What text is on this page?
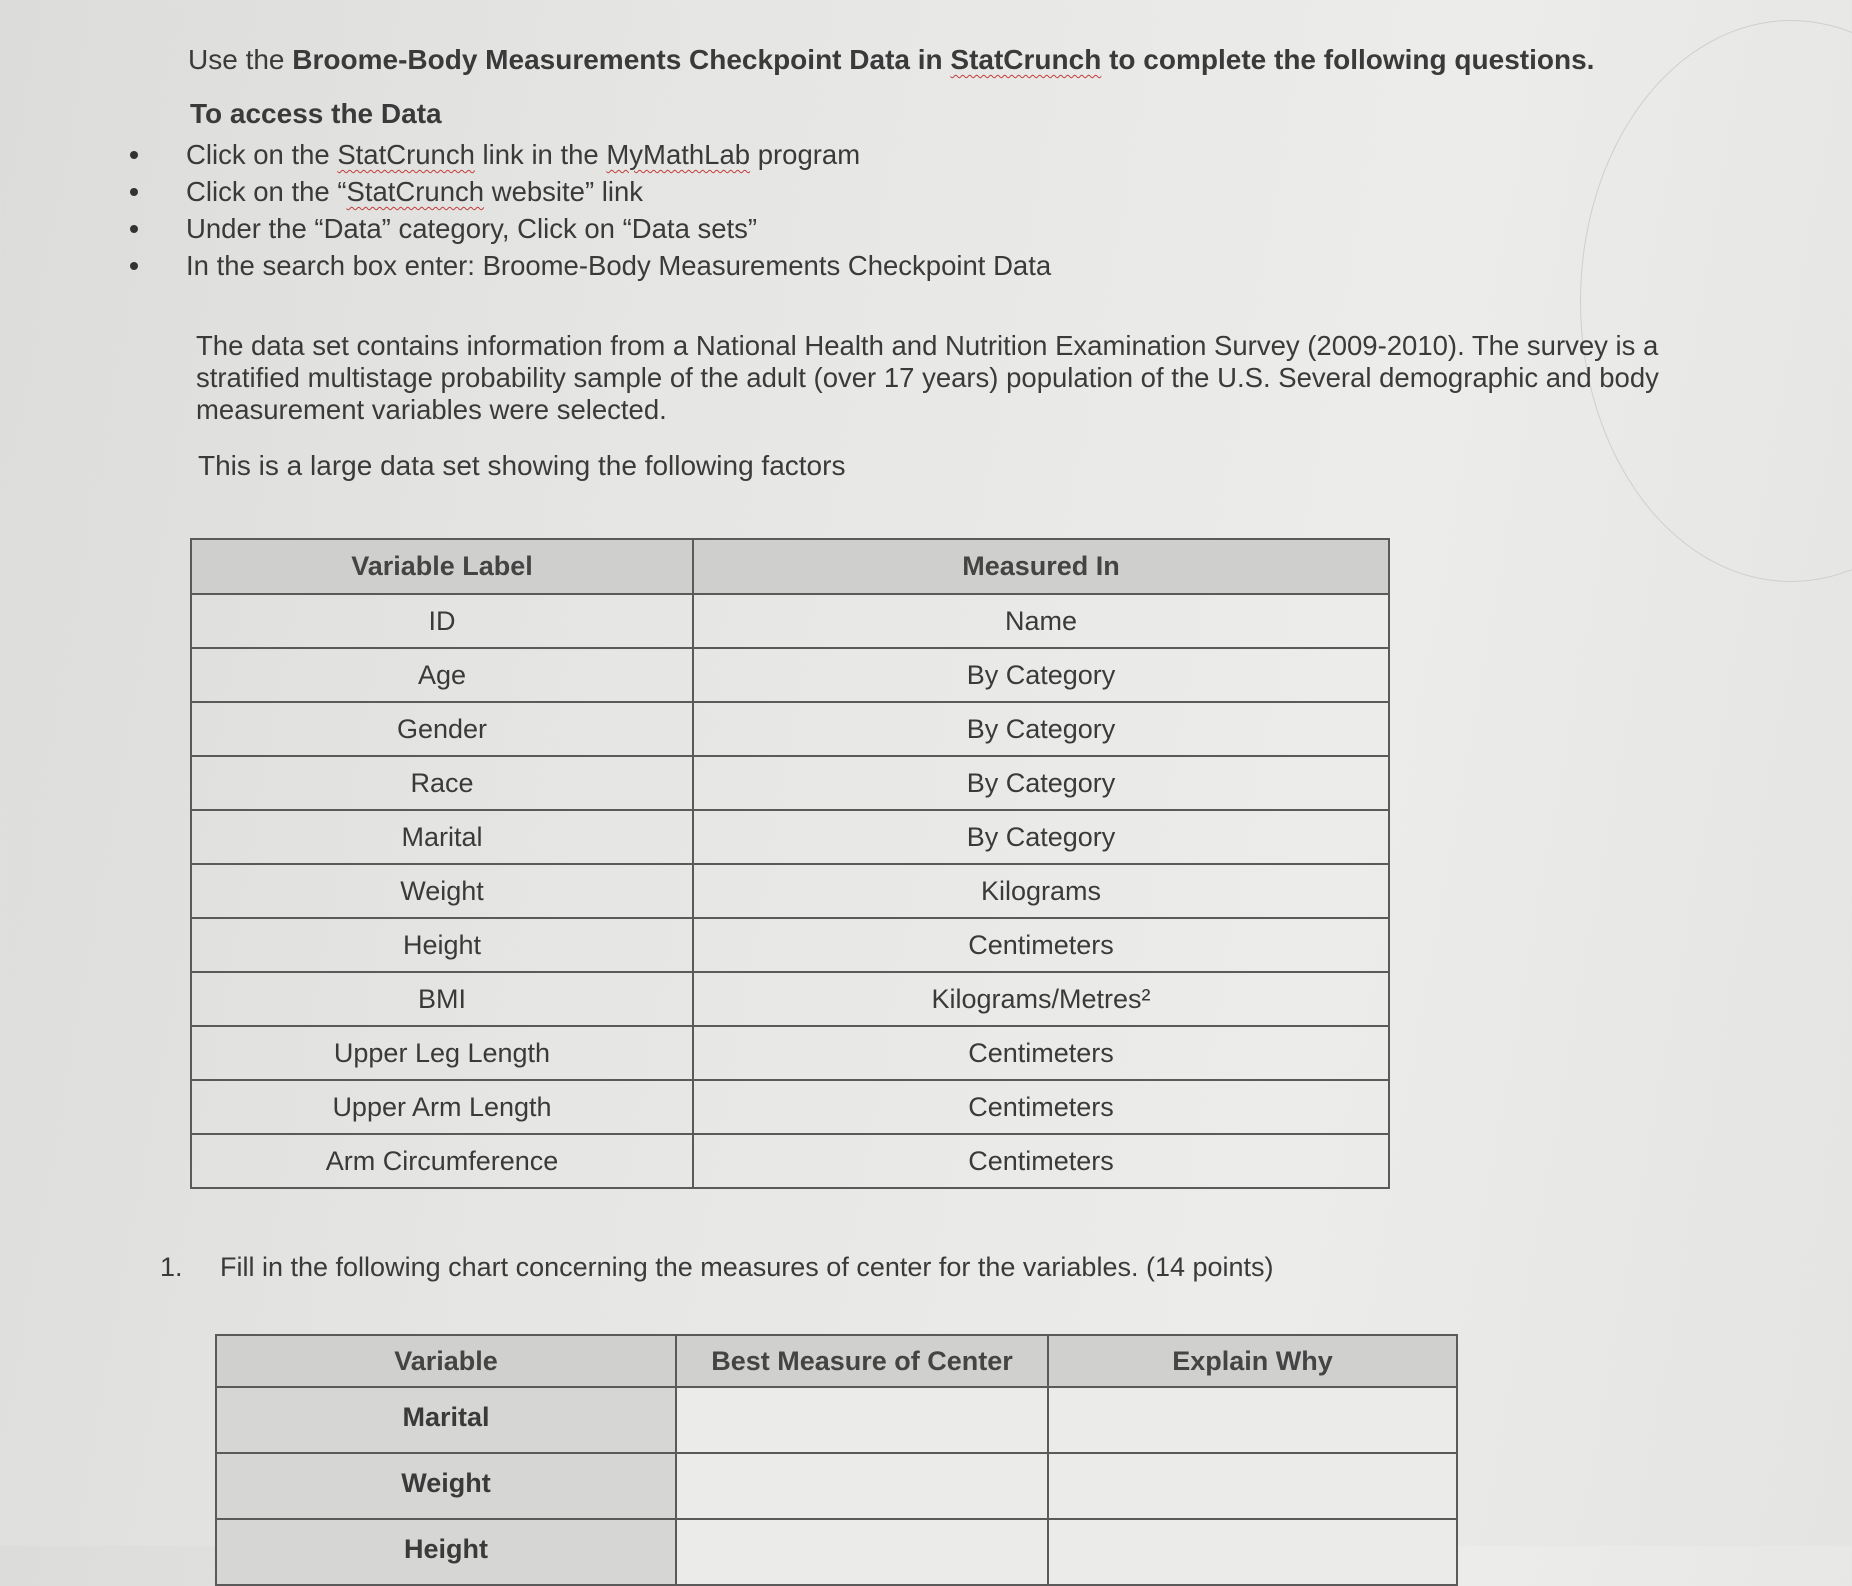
Use the Broome-Body Measurements Checkpoint Data in StatCrunch to complete the following questions.
To access the Data
Click on the StatCrunch link in the MyMathLab program
Click on the “StatCrunch website” link
Under the “Data” category, Click on “Data sets”
In the search box enter: Broome-Body Measurements Checkpoint Data
The data set contains information from a National Health and Nutrition Examination Survey (2009-2010). The survey is a stratified multistage probability sample of the adult (over 17 years) population of the U.S. Several demographic and body measurement variables were selected.
This is a large data set showing the following factors
Variable Label	Measured In
ID	Name
Age	By Category
Gender	By Category
Race	By Category
Marital	By Category
Weight	Kilograms
Height	Centimeters
BMI	Kilograms/Metres²
Upper Leg Length	Centimeters
Upper Arm Length	Centimeters
Arm Circumference	Centimeters
1. Fill in the following chart concerning the measures of center for the variables. (14 points)
Variable	Best Measure of Center	Explain Why
Marital		
Weight		
Height		
